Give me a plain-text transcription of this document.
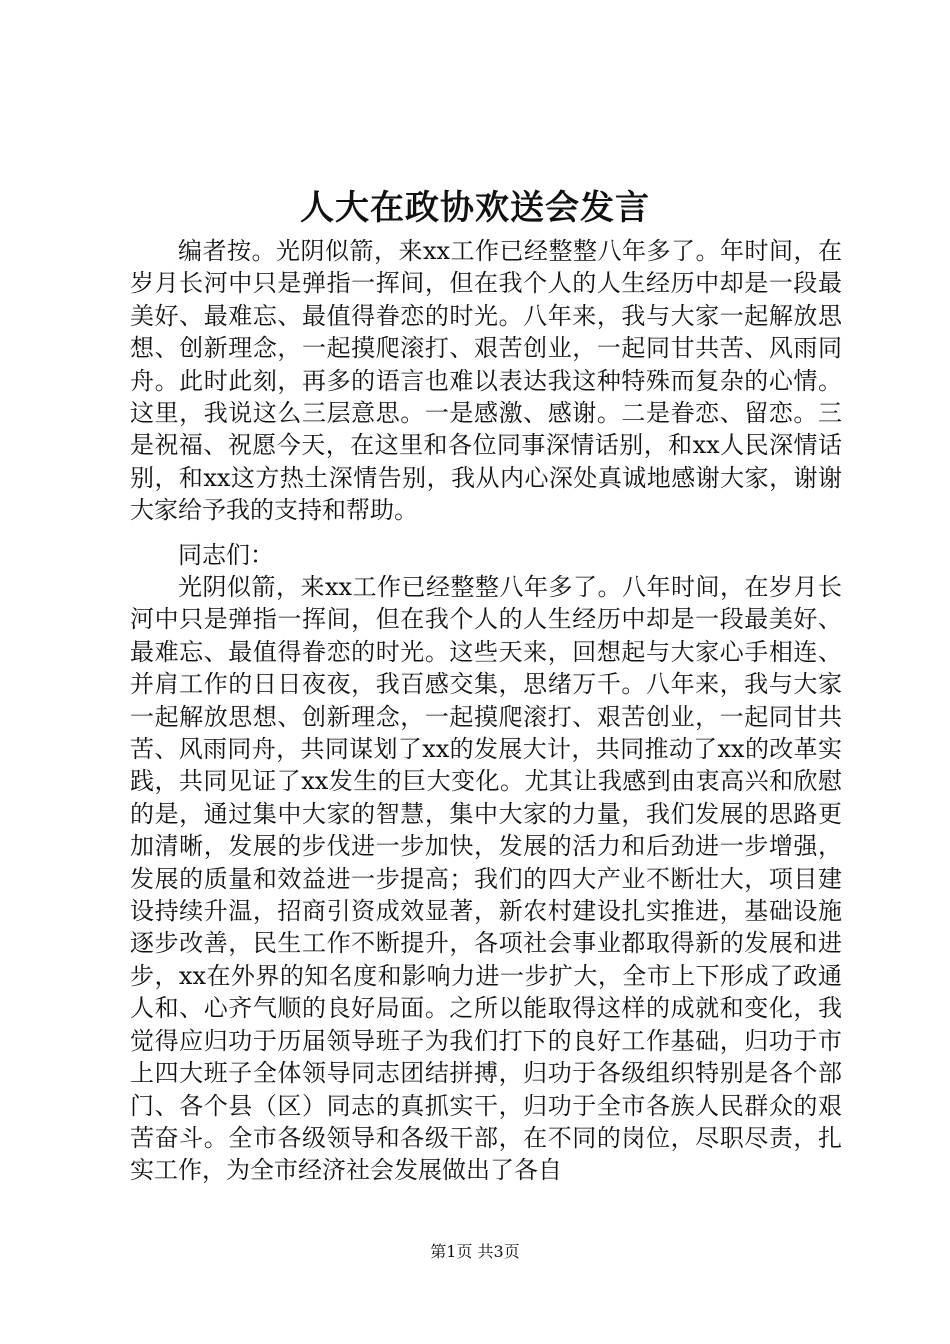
人大在政协欢送会发言

编者按。光阴似箭，来xx工作已经整整八年多了。年时间，在岁月长河中只是弹指一挥间，但在我个人的人生经历中却是一段最美好、最难忘、最值得眷恋的时光。八年来，我与大家一起解放思想、创新理念，一起摸爬滚打、艰苦创业，一起同甘共苦、风雨同舟。此时此刻，再多的语言也难以表达我这种特殊而复杂的心情。这里，我说这么三层意思。一是感激、感谢。二是眷恋、留恋。三是祝福、祝愿今天，在这里和各位同事深情话别，和xx人民深情话别，和xx这方热土深情告别，我从内心深处真诚地感谢大家，谢谢大家给予我的支持和帮助。

同志们：

光阴似箭，来xx工作已经整整八年多了。八年时间，在岁月长河中只是弹指一挥间，但在我个人的人生经历中却是一段最美好、最难忘、最值得眷恋的时光。这些天来，回想起与大家心手相连、并肩工作的日日夜夜，我百感交集，思绪万千。八年来，我与大家一起解放思想、创新理念，一起摸爬滚打、艰苦创业，一起同甘共苦、风雨同舟，共同谋划了xx的发展大计，共同推动了xx的改革实践，共同见证了xx发生的巨大变化。尤其让我感到由衷高兴和欣慰的是，通过集中大家的智慧，集中大家的力量，我们发展的思路更加清晰，发展的步伐进一步加快，发展的活力和后劲进一步增强，发展的质量和效益进一步提高；我们的四大产业不断壮大，项目建设持续升温，招商引资成效显著，新农村建设扎实推进，基础设施逐步改善，民生工作不断提升，各项社会事业都取得新的发展和进步，xx在外界的知名度和影响力进一步扩大，全市上下形成了政通人和、心齐气顺的良好局面。之所以能取得这样的成就和变化，我觉得应归功于历届领导班子为我们打下的良好工作基础，归功于市上四大班子全体领导同志团结拼搏，归功于各级组织特别是各个部门、各个县（区）同志的真抓实干，归功于全市各族人民群众的艰苦奋斗。全市各级领导和各级干部，在不同的岗位，尽职尽责，扎实工作，为全市经济社会发展做出了各自

第1页 共3页
